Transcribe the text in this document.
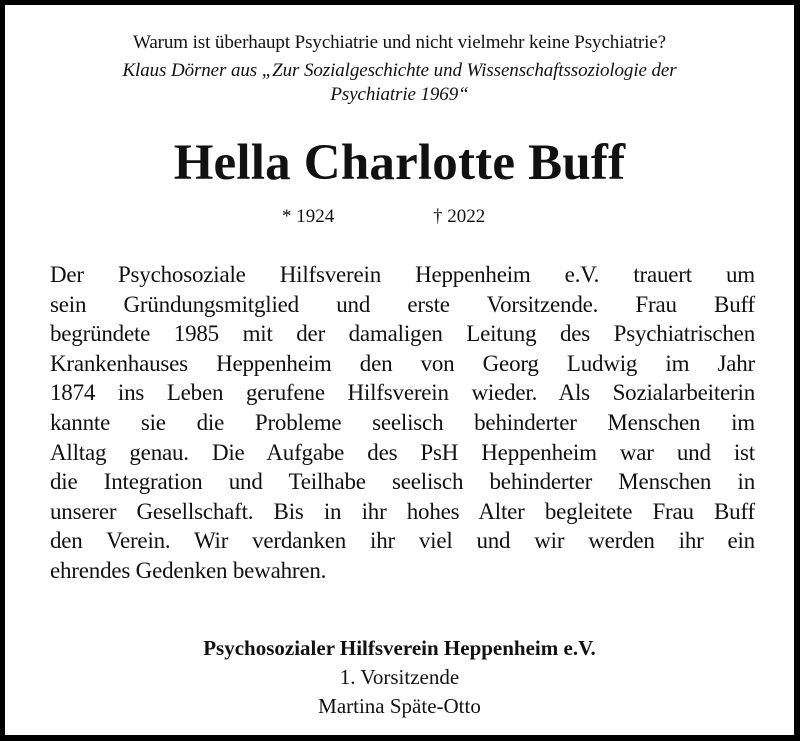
Warum ist überhaupt Psychiatrie und nicht vielmehr keine Psychiatrie?
Klaus Dörner aus „Zur Sozialgeschichte und Wissenschaftssoziologie der
Psychiatrie 1969“
Hella Charlotte Buff
* 1924	† 2022
Der Psychosoziale Hilfsverein Heppenheim e.V. trauert um
sein Gründungsmitglied und erste Vorsitzende. Frau Buff
begründete 1985 mit der damaligen Leitung des Psychiatrischen
Krankenhauses Heppenheim den von Georg Ludwig im Jahr
1874 ins Leben gerufene Hilfsverein wieder. Als Sozialarbeiterin
kannte sie die Probleme seelisch behinderter Menschen im
Alltag genau. Die Aufgabe des PsH Heppenheim war und ist
die Integration und Teilhabe seelisch behinderter Menschen in
unserer Gesellschaft. Bis in ihr hohes Alter begleitete Frau Buff
den Verein. Wir verdanken ihr viel und wir werden ihr ein
ehrendes Gedenken bewahren.
Psychosozialer Hilfsverein Heppenheim e.V.
1. Vorsitzende
Martina Späte-Otto
